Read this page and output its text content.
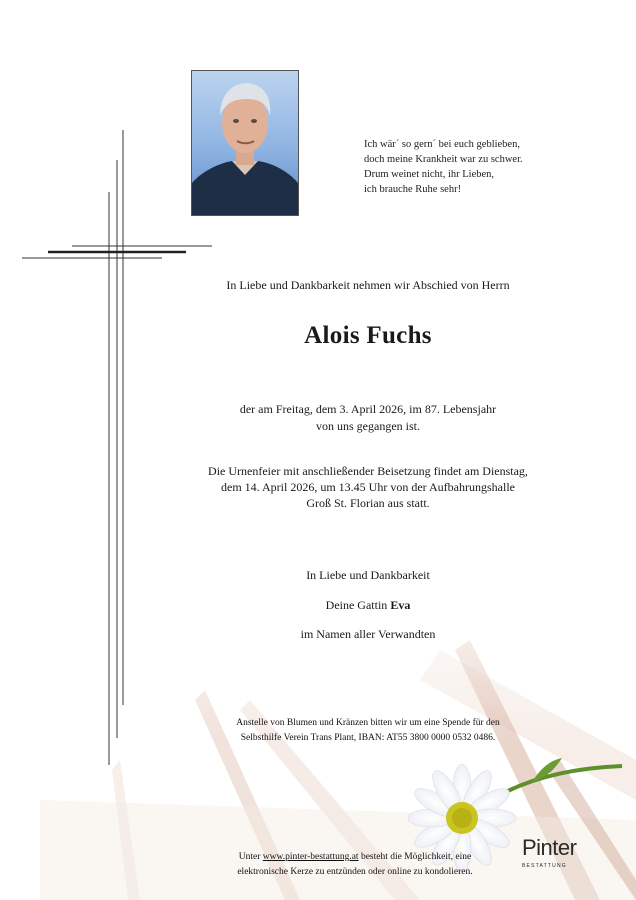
Ich wär´ so gern´ bei euch geblieben,
doch meine Krankheit war zu schwer.
Drum weinet nicht, ihr Lieben,
ich brauche Ruhe sehr!
In Liebe und Dankbarkeit nehmen wir Abschied von Herrn
Alois Fuchs
der am Freitag, dem 3. April 2026, im 87. Lebensjahr
von uns gegangen ist.
Die Urnenfeier mit anschließender Beisetzung findet am Dienstag,
dem 14. April 2026, um 13.45 Uhr von der Aufbahrungshalle
Groß St. Florian aus statt.
In Liebe und Dankbarkeit
Deine Gattin Eva
im Namen aller Verwandten
Anstelle von Blumen und Kränzen bitten wir um eine Spende für den
Selbsthilfe Verein Trans Plant, IBAN: AT55 3800 0000 0532 0486.
Unter www.pinter-bestattung.at besteht die Möglichkeit, eine
elektronische Kerze zu entzünden oder online zu kondolieren.
Pinter
BESTATTUNG
